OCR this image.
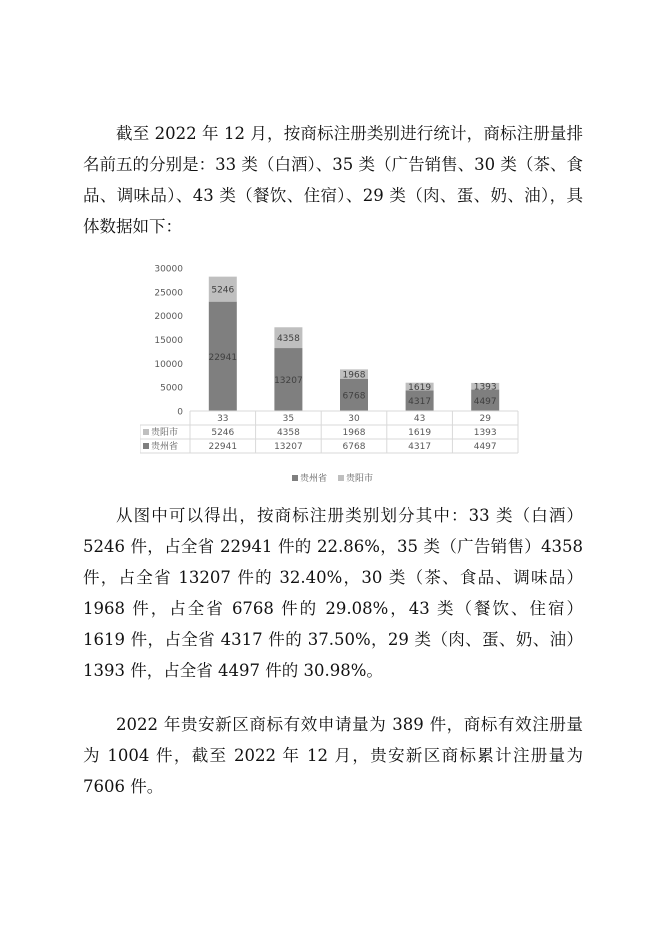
截至 2022 年 12 月，按商标注册类别进行统计，商标注册量排名前五的分别是：33 类（白酒）、35 类（广告销售、30 类（茶、食品、调味品）、43 类（餐饮、住宿）、29 类（肉、蛋、奶、油），具体数据如下：

0
5000
10000
15000
20000
25000
30000
22941
5246
13207
4358
6768
1968
4317
1619
4497
1393
33	35	30	43	29
贵阳市	5246	4358	1968	1619	1393
贵州省	22941	13207	6768	4317	4497
贵州省 贵阳市

从图中可以得出，按商标注册类别划分其中：33 类（白酒）5246 件，占全省 22941 件的 22.86%，35 类（广告销售）4358 件，占全省 13207 件的 32.40%，30 类（茶、食品、调味品）1968 件，占全省 6768 件的 29.08%，43 类（餐饮、住宿）1619 件，占全省 4317 件的 37.50%，29 类（肉、蛋、奶、油）1393 件，占全省 4497 件的 30.98%。

2022 年贵安新区商标有效申请量为 389 件，商标有效注册量为 1004 件，截至 2022 年 12 月，贵安新区商标累计注册量为 7606 件。
